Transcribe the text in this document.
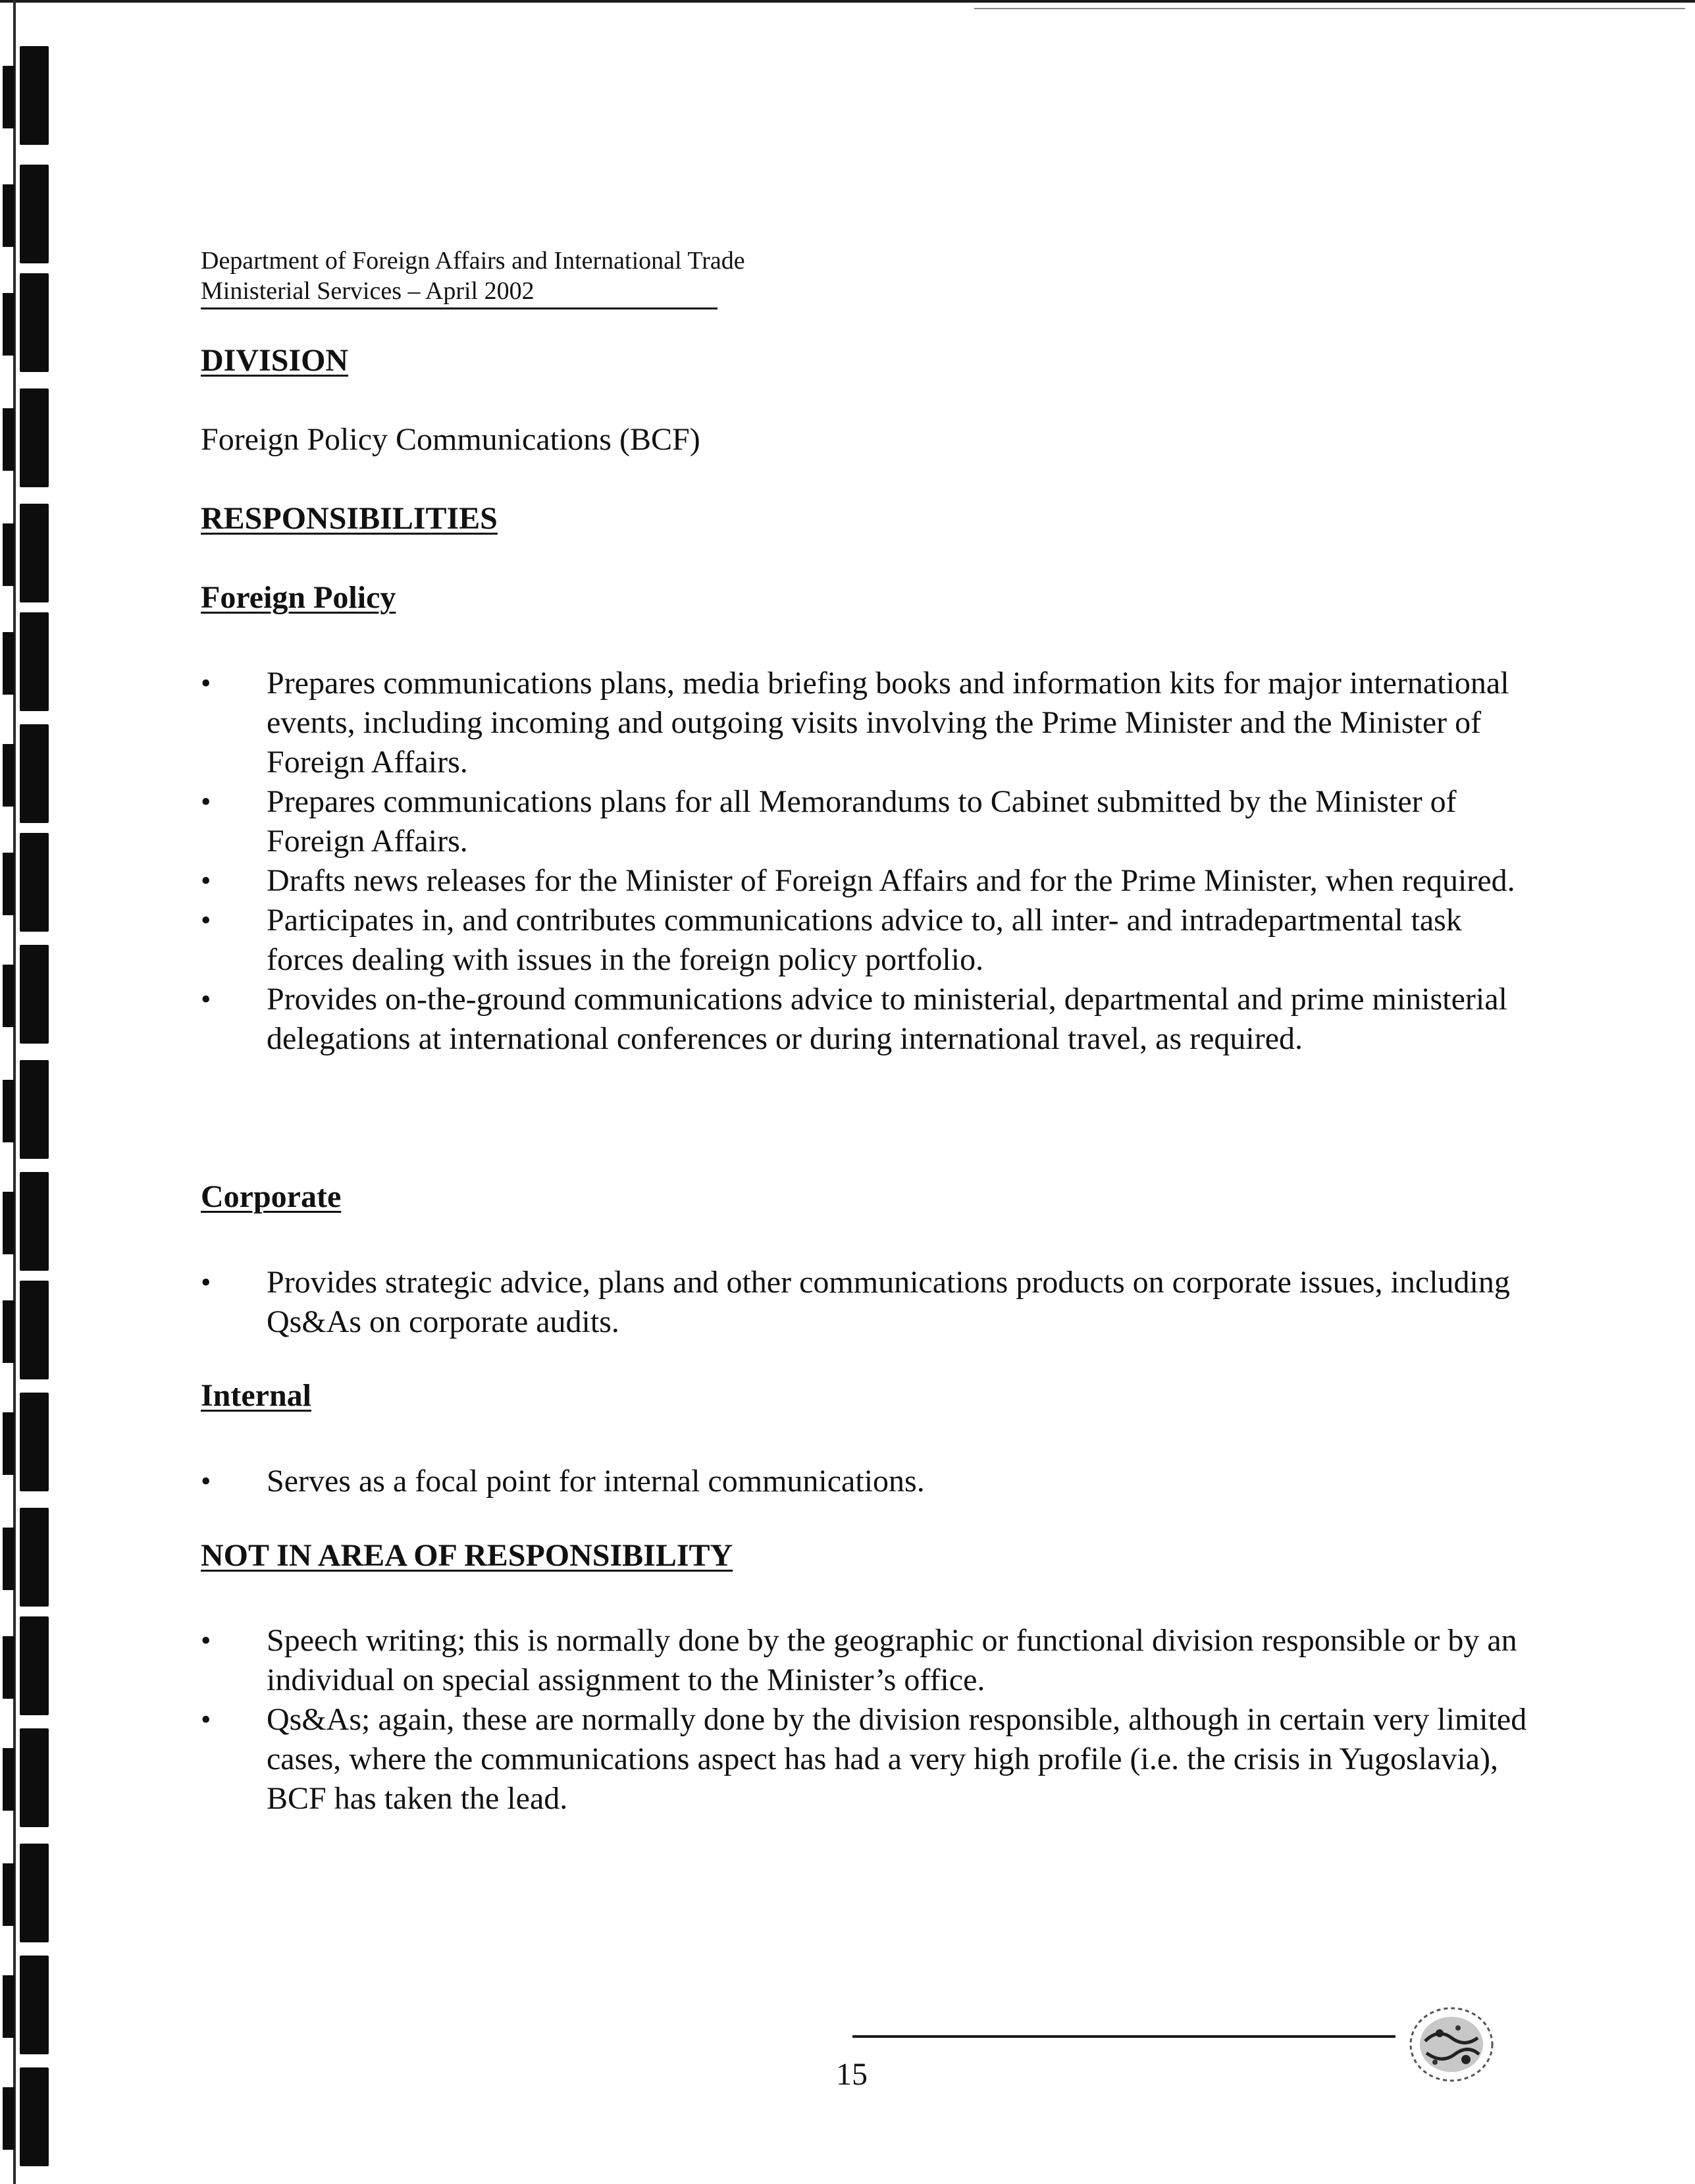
Department of Foreign Affairs and International Trade
Ministerial Services – April 2002
DIVISION
Foreign Policy Communications (BCF)
RESPONSIBILITIES
Foreign Policy
• Prepares communications plans, media briefing books and information kits for major international events, including incoming and outgoing visits involving the Prime Minister and the Minister of Foreign Affairs.
• Prepares communications plans for all Memorandums to Cabinet submitted by the Minister of Foreign Affairs.
• Drafts news releases for the Minister of Foreign Affairs and for the Prime Minister, when required.
• Participates in, and contributes communications advice to, all inter- and intradepartmental task forces dealing with issues in the foreign policy portfolio.
• Provides on-the-ground communications advice to ministerial, departmental and prime ministerial delegations at international conferences or during international travel, as required.
Corporate
• Provides strategic advice, plans and other communications products on corporate issues, including Qs&As on corporate audits.
Internal
• Serves as a focal point for internal communications.
NOT IN AREA OF RESPONSIBILITY
• Speech writing; this is normally done by the geographic or functional division responsible or by an individual on special assignment to the Minister’s office.
• Qs&As; again, these are normally done by the division responsible, although in certain very limited cases, where the communications aspect has had a very high profile (i.e. the crisis in Yugoslavia), BCF has taken the lead.
15
